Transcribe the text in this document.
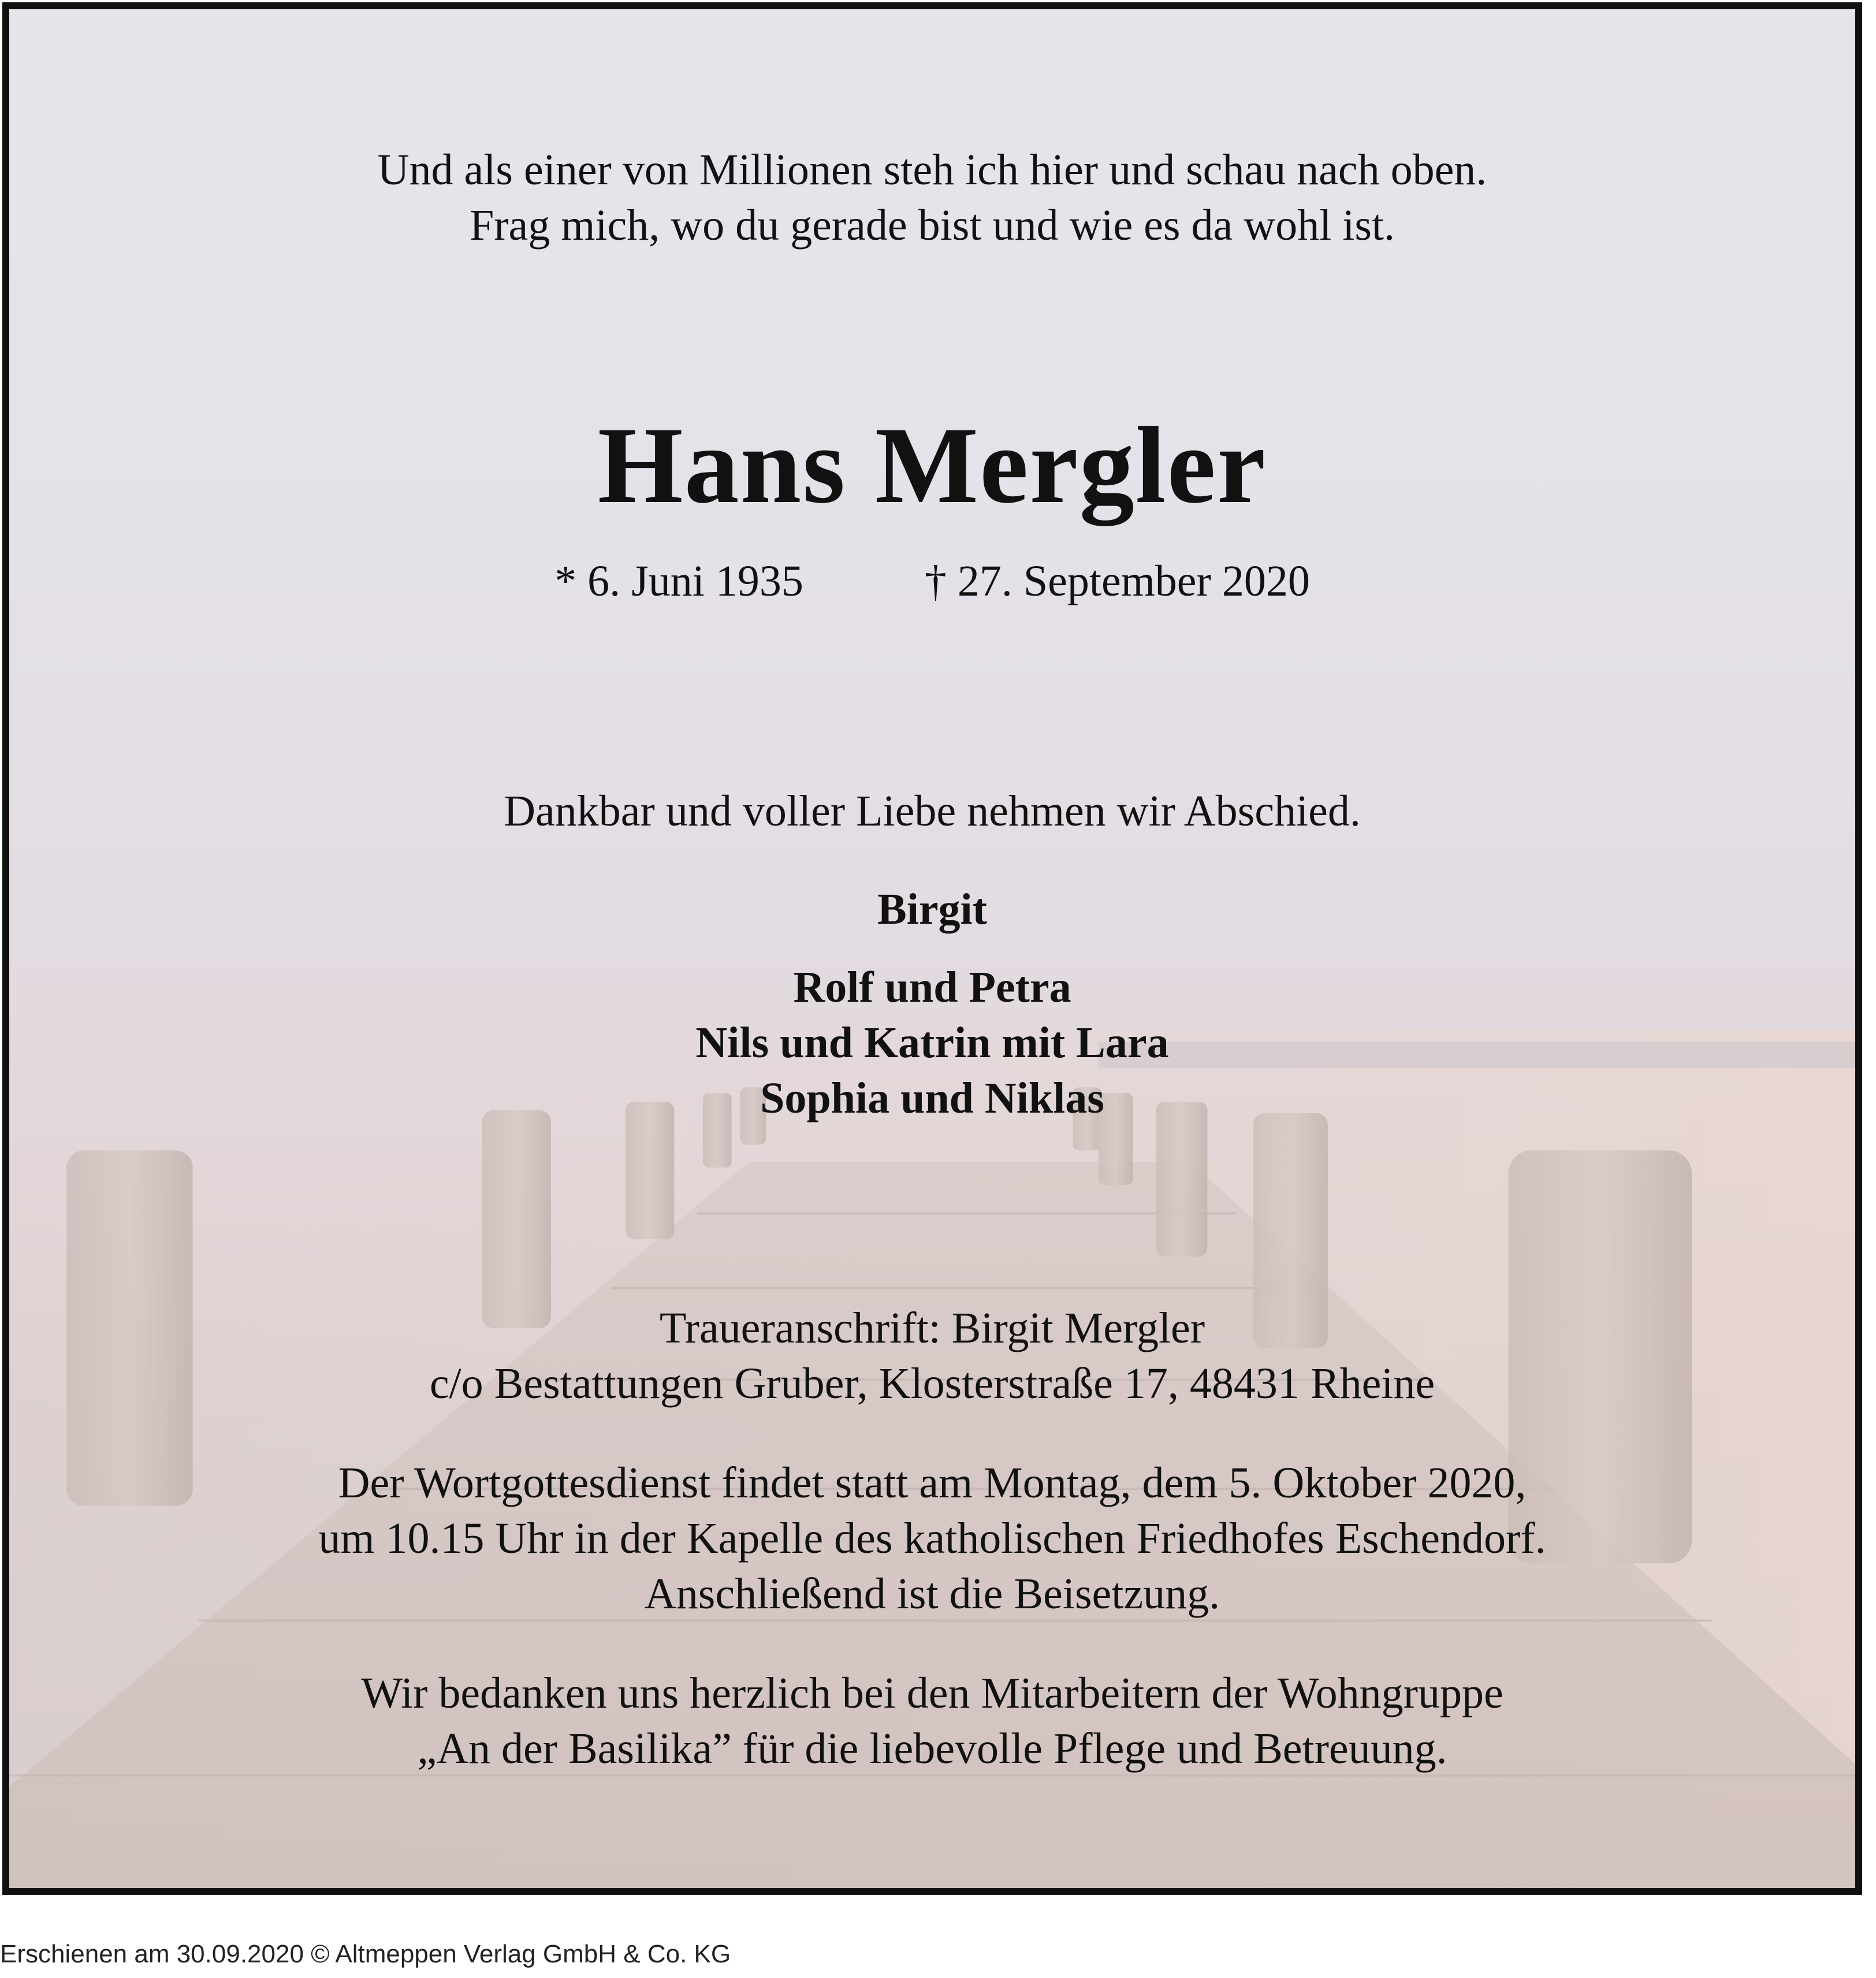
Und als einer von Millionen steh ich hier und schau nach oben.

Frag mich, wo du gerade bist und wie es da wohl ist.

Hans Mergler

* 6. Juni 1935	† 27. September 2020

Dankbar und voller Liebe nehmen wir Abschied.

Birgit

Rolf und Petra

Nils und Katrin mit Lara

Sophia und Niklas

Traueranschrift: Birgit Mergler

c/o Bestattungen Gruber, Klosterstraße 17, 48431 Rheine

Der Wortgottesdienst findet statt am Montag, dem 5. Oktober 2020,

um 10.15 Uhr in der Kapelle des katholischen Friedhofes Eschendorf.

Anschließend ist die Beisetzung.

Wir bedanken uns herzlich bei den Mitarbeitern der Wohngruppe

„An der Basilika” für die liebevolle Pflege und Betreuung.

Erschienen am 30.09.2020 © Altmeppen Verlag GmbH & Co. KG
